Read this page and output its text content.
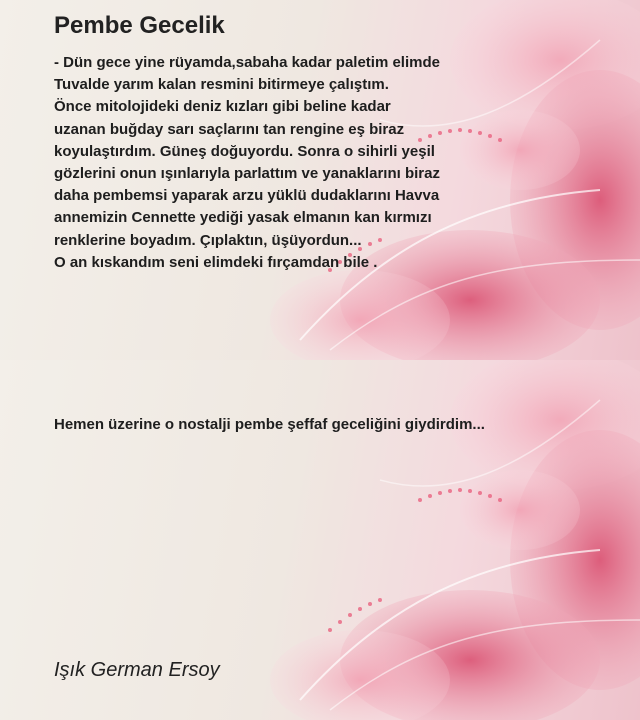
Pembe Gecelik

- Dün gece yine rüyamda,sabaha kadar paletim elimde
Tuvalde yarım kalan resmini bitirmeye çalıştım.
Önce mitolojideki deniz kızları gibi beline kadar
uzanan buğday sarı saçlarını tan rengine eş biraz
koyulaştırdım. Güneş doğuyordu. Sonra o sihirli yeşil
gözlerini onun ışınlarıyla parlattım ve yanaklarını biraz
daha pembemsi yaparak arzu yüklü dudaklarını Havva
annemizin Cennette yediği yasak elmanın kan kırmızı
renklerine boyadım. Çıplaktın, üşüyordun...
O an kıskandım seni elimdeki fırçamdan bile .

Hemen üzerine o nostalji pembe şeffaf geceliğini giydirdim...

Işık German Ersoy
